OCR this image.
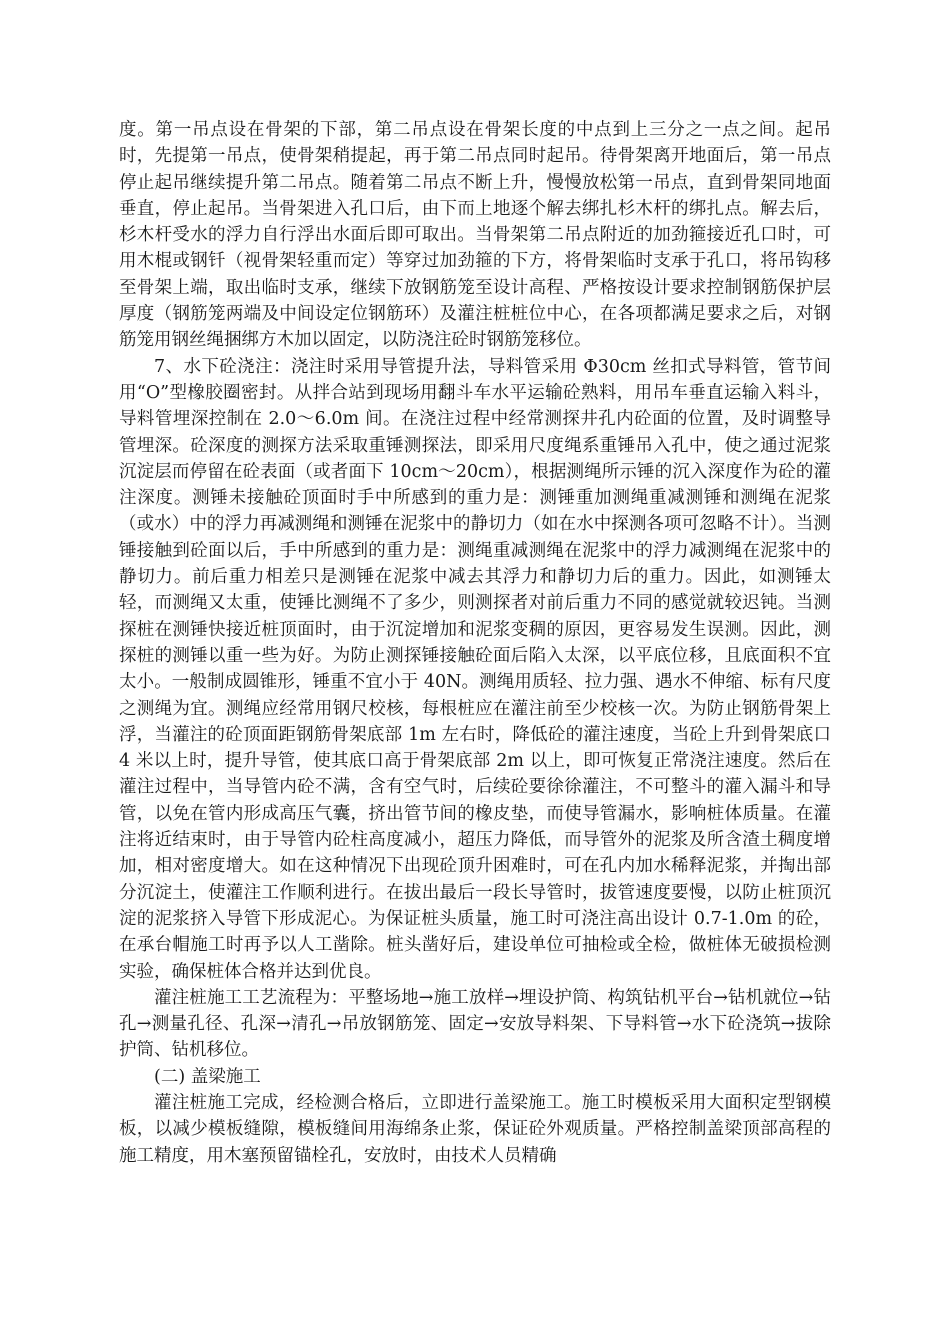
度。第一吊点设在骨架的下部，第二吊点设在骨架长度的中点到上三分之一点之间。起吊时，先提第一吊点，使骨架稍提起，再于第二吊点同时起吊。待骨架离开地面后，第一吊点停止起吊继续提升第二吊点。随着第二吊点不断上升，慢慢放松第一吊点，直到骨架同地面垂直，停止起吊。当骨架进入孔口后，由下而上地逐个解去绑扎杉木杆的绑扎点。解去后，杉木杆受水的浮力自行浮出水面后即可取出。当骨架第二吊点附近的加劲箍接近孔口时，可用木棍或钢钎（视骨架轻重而定）等穿过加劲箍的下方，将骨架临时支承于孔口，将吊钩移至骨架上端，取出临时支承，继续下放钢筋笼至设计高程、严格按设计要求控制钢筋保护层厚度（钢筋笼两端及中间设定位钢筋环）及灌注桩桩位中心，在各项都满足要求之后，对钢筋笼用钢丝绳捆绑方木加以固定，以防浇注砼时钢筋笼移位。

7、水下砼浇注：浇注时采用导管提升法，导料管采用 Φ30cm 丝扣式导料管，管节间用“O”型橡胶圈密封。从拌合站到现场用翻斗车水平运输砼熟料，用吊车垂直运输入料斗，导料管埋深控制在 2.0～6.0m 间。在浇注过程中经常测探井孔内砼面的位置，及时调整导管埋深。砼深度的测探方法采取重锤测探法，即采用尺度绳系重锤吊入孔中，使之通过泥浆沉淀层而停留在砼表面（或者面下 10cm～20cm），根据测绳所示锤的沉入深度作为砼的灌注深度。测锤未接触砼顶面时手中所感到的重力是：测锤重加测绳重减测锤和测绳在泥浆（或水）中的浮力再减测绳和测锤在泥浆中的静切力（如在水中探测各项可忽略不计）。当测锤接触到砼面以后，手中所感到的重力是：测绳重减测绳在泥浆中的浮力减测绳在泥浆中的静切力。前后重力相差只是测锤在泥浆中减去其浮力和静切力后的重力。因此，如测锤太轻，而测绳又太重，使锤比测绳不了多少，则测探者对前后重力不同的感觉就较迟钝。当测探桩在测锤快接近桩顶面时，由于沉淀增加和泥浆变稠的原因，更容易发生误测。因此，测探桩的测锤以重一些为好。为防止测探锤接触砼面后陷入太深，以平底位移，且底面积不宜太小。一般制成圆锥形，锤重不宜小于 40N。测绳用质轻、拉力强、遇水不伸缩、标有尺度之测绳为宜。测绳应经常用钢尺校核，每根桩应在灌注前至少校核一次。为防止钢筋骨架上浮，当灌注的砼顶面距钢筋骨架底部 1m 左右时，降低砼的灌注速度，当砼上升到骨架底口 4 米以上时，提升导管，使其底口高于骨架底部 2m 以上，即可恢复正常浇注速度。然后在灌注过程中，当导管内砼不满，含有空气时，后续砼要徐徐灌注，不可整斗的灌入漏斗和导管，以免在管内形成高压气囊，挤出管节间的橡皮垫，而使导管漏水，影响桩体质量。在灌注将近结束时，由于导管内砼柱高度减小，超压力降低，而导管外的泥浆及所含渣土稠度增加，相对密度增大。如在这种情况下出现砼顶升困难时，可在孔内加水稀释泥浆，并掏出部分沉淀土，使灌注工作顺利进行。在拔出最后一段长导管时，拔管速度要慢，以防止桩顶沉淀的泥浆挤入导管下形成泥心。为保证桩头质量，施工时可浇注高出设计 0.7-1.0m 的砼，在承台帽施工时再予以人工凿除。桩头凿好后，建设单位可抽检或全检，做桩体无破损检测实验，确保桩体合格并达到优良。

灌注桩施工工艺流程为：平整场地→施工放样→埋设护筒、构筑钻机平台→钻机就位→钻孔→测量孔径、孔深→清孔→吊放钢筋笼、固定→安放导料架、下导料管→水下砼浇筑→拔除护筒、钻机移位。

(二) 盖梁施工

灌注桩施工完成，经检测合格后，立即进行盖梁施工。施工时模板采用大面积定型钢模板，以减少模板缝隙，模板缝间用海绵条止浆，保证砼外观质量。严格控制盖梁顶部高程的施工精度，用木塞预留锚栓孔，安放时，由技术人员精确
